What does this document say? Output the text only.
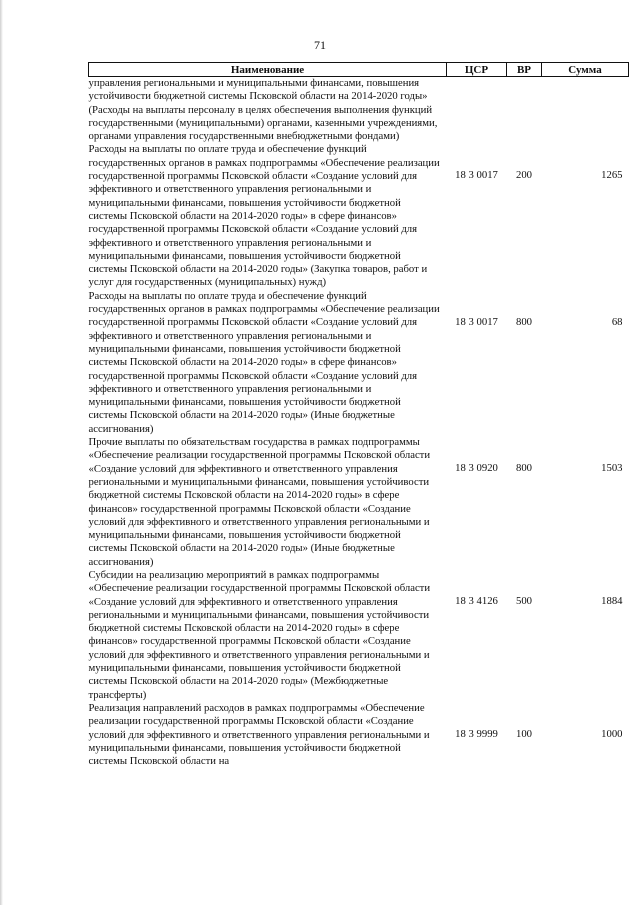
71
Наименование	ЦСР	ВР	Сумма
управления региональными и муниципальными финансами, повышения устойчивости бюджетной системы Псковской области на 2014-2020 годы» (Расходы на выплаты персоналу в целях обеспечения выполнения функций государственными (муниципальными) органами, казенными учреждениями, органами управления государственными внебюджетными фондами)			
Расходы на выплаты по оплате труда и обеспечение функций государственных органов в рамках подпрограммы «Обеспечение реализации государственной программы Псковской области «Создание условий для эффективного и ответственного управления региональными и муниципальными финансами, повышения устойчивости бюджетной системы Псковской области на 2014-2020 годы» в сфере финансов» государственной программы Псковской области «Создание условий для эффективного и ответственного управления региональными и муниципальными финансами, повышения устойчивости бюджетной системы Псковской области на 2014-2020 годы» (Закупка товаров, работ и услуг для государственных (муниципальных) нужд)	18 3 0017	200	1265
Расходы на выплаты по оплате труда и обеспечение функций государственных органов в рамках подпрограммы «Обеспечение реализации государственной программы Псковской области «Создание условий для эффективного и ответственного управления региональными и муниципальными финансами, повышения устойчивости бюджетной системы Псковской области на 2014-2020 годы» в сфере финансов» государственной программы Псковской области «Создание условий для эффективного и ответственного управления региональными и муниципальными финансами, повышения устойчивости бюджетной системы Псковской области на 2014-2020 годы» (Иные бюджетные ассигнования)	18 3 0017	800	68
Прочие выплаты по обязательствам государства в рамках подпрограммы «Обеспечение реализации государственной программы Псковской области «Создание условий для эффективного и ответственного управления региональными и муниципальными финансами, повышения устойчивости бюджетной системы Псковской области на 2014-2020 годы» в сфере финансов» государственной программы Псковской области «Создание условий для эффективного и ответственного управления региональными и муниципальными финансами, повышения устойчивости бюджетной системы Псковской области на 2014-2020 годы» (Иные бюджетные ассигнования)	18 3 0920	800	1503
Субсидии на реализацию мероприятий в рамках подпрограммы «Обеспечение реализации государственной программы Псковской области «Создание условий для эффективного и ответственного управления региональными и муниципальными финансами, повышения устойчивости бюджетной системы Псковской области на 2014-2020 годы» в сфере финансов» государственной программы Псковской области «Создание условий для эффективного и ответственного управления региональными и муниципальными финансами, повышения устойчивости бюджетной системы Псковской области на 2014-2020 годы» (Межбюджетные трансферты)	18 3 4126	500	1884
Реализация направлений расходов в рамках подпрограммы «Обеспечение реализации государственной программы Псковской области «Создание условий для эффективного и ответственного управления региональными и муниципальными финансами, повышения устойчивости бюджетной системы Псковской области на	18 3 9999	100	1000
